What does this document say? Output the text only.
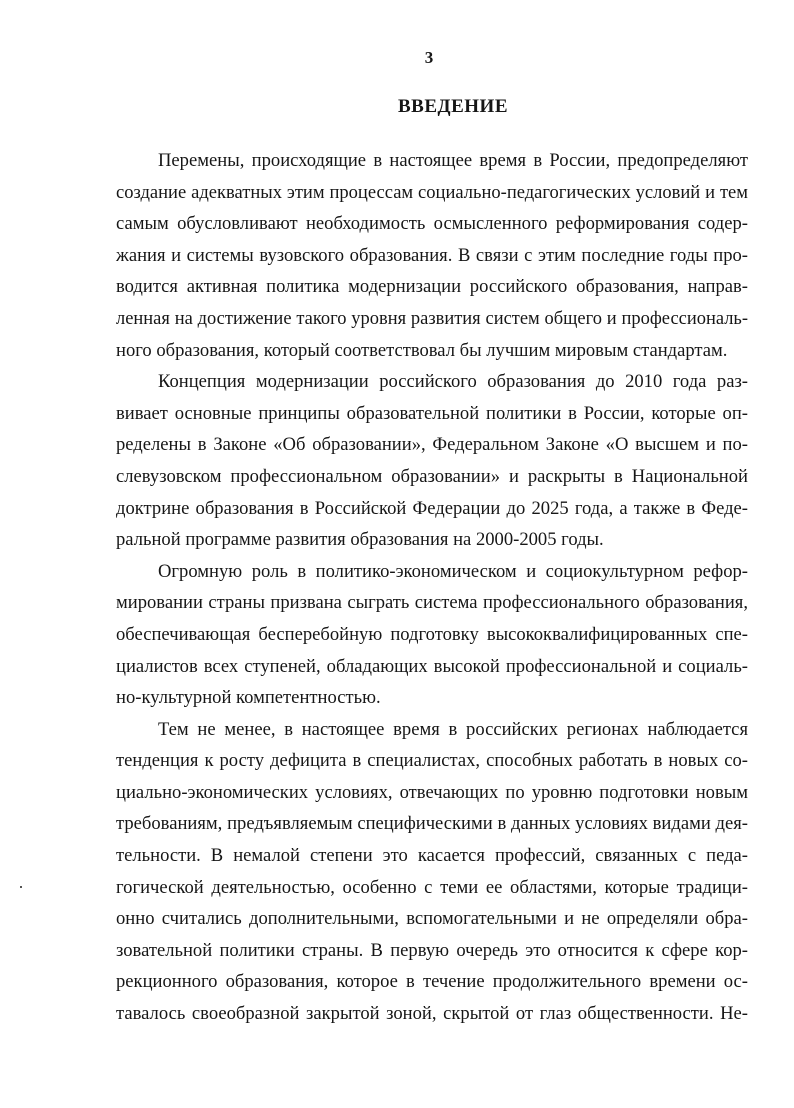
3
ВВЕДЕНИЕ

Перемены, происходящие в настоящее время в России, предопределяют
создание адекватных этим процессам социально-педагогических условий и тем
самым обусловливают необходимость осмысленного реформирования содер-
жания и системы вузовского образования. В связи с этим последние годы про-
водится активная политика модернизации российского образования, направ-
ленная на достижение такого уровня развития систем общего и профессиональ-
ного образования, который соответствовал бы лучшим мировым стандартам.

Концепция модернизации российского образования до 2010 года раз-
вивает основные принципы образовательной политики в России, которые оп-
ределены в Законе «Об образовании», Федеральном Законе «О высшем и по-
слевузовском профессиональном образовании» и раскрыты в Национальной
доктрине образования в Российской Федерации до 2025 года, а также в Феде-
ральной программе развития образования на 2000-2005 годы.

Огромную роль в политико-экономическом и социокультурном рефор-
мировании страны призвана сыграть система профессионального образования,
обеспечивающая бесперебойную подготовку высококвалифицированных спе-
циалистов всех ступеней, обладающих высокой профессиональной и социаль-
но-культурной компетентностью.

Тем не менее, в настоящее время в российских регионах наблюдается
тенденция к росту дефицита в специалистах, способных работать в новых со-
циально-экономических условиях, отвечающих по уровню подготовки новым
требованиям, предъявляемым специфическими в данных условиях видами дея-
тельности. В немалой степени это касается профессий, связанных с педа-
гогической деятельностью, особенно с теми ее областями, которые традици-
онно считались дополнительными, вспомогательными и не определяли обра-
зовательной политики страны. В первую очередь это относится к сфере кор-
рекционного образования, которое в течение продолжительного времени ос-
тавалось своеобразной закрытой зоной, скрытой от глаз общественности. Не-
